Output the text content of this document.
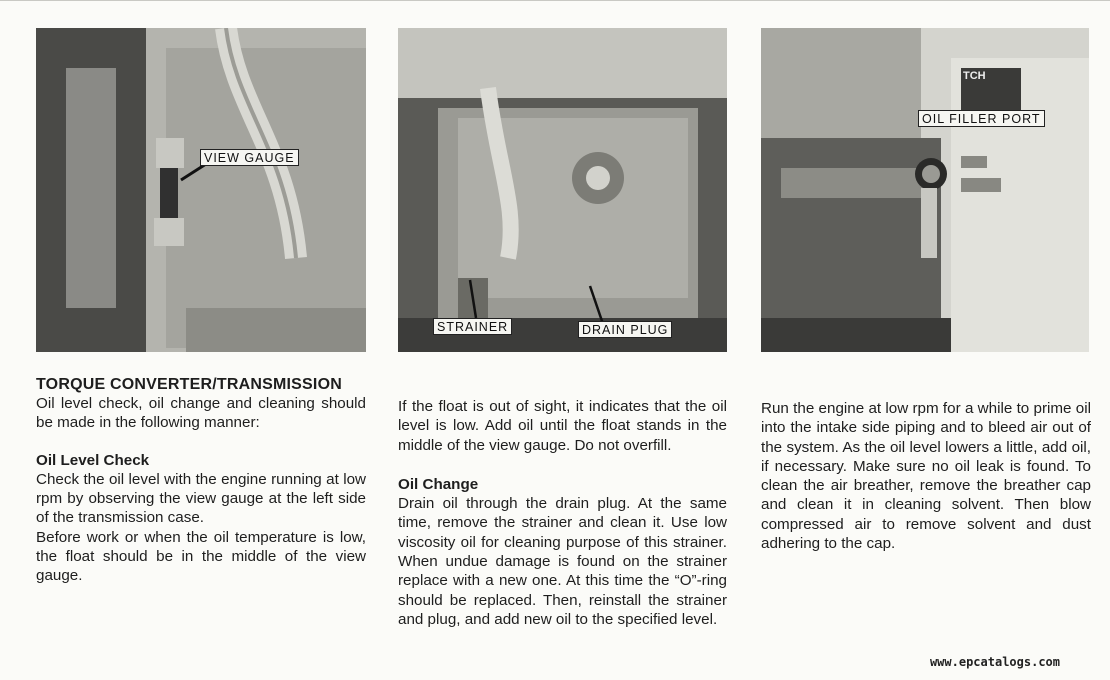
VIEW GAUGE
STRAINER	DRAIN PLUG
OIL FILLER PORT
TCH
TORQUE CONVERTER/TRANSMISSION

Oil level check, oil change and cleaning should be made in the following manner:

Oil Level Check

Check the oil level with the engine running at low rpm by observing the view gauge at the left side of the transmission case.

Before work or when the oil temperature is low, the float should be in the middle of the view gauge.

If the float is out of sight, it indicates that the oil level is low. Add oil until the float stands in the middle of the view gauge. Do not overfill.

Oil Change

Drain oil through the drain plug. At the same time, remove the strainer and clean it. Use low viscosity oil for cleaning purpose of this strainer. When undue damage is found on the strainer replace with a new one. At this time the “O”-ring should be replaced. Then, reinstall the strainer and plug, and add new oil to the specified level.

Run the engine at low rpm for a while to prime oil into the intake side piping and to bleed air out of the system. As the oil level lowers a little, add oil, if necessary. Make sure no oil leak is found. To clean the air breather, remove the breather cap and clean it in cleaning solvent. Then blow compressed air to remove solvent and dust adhering to the cap.

www.epcatalogs.com
